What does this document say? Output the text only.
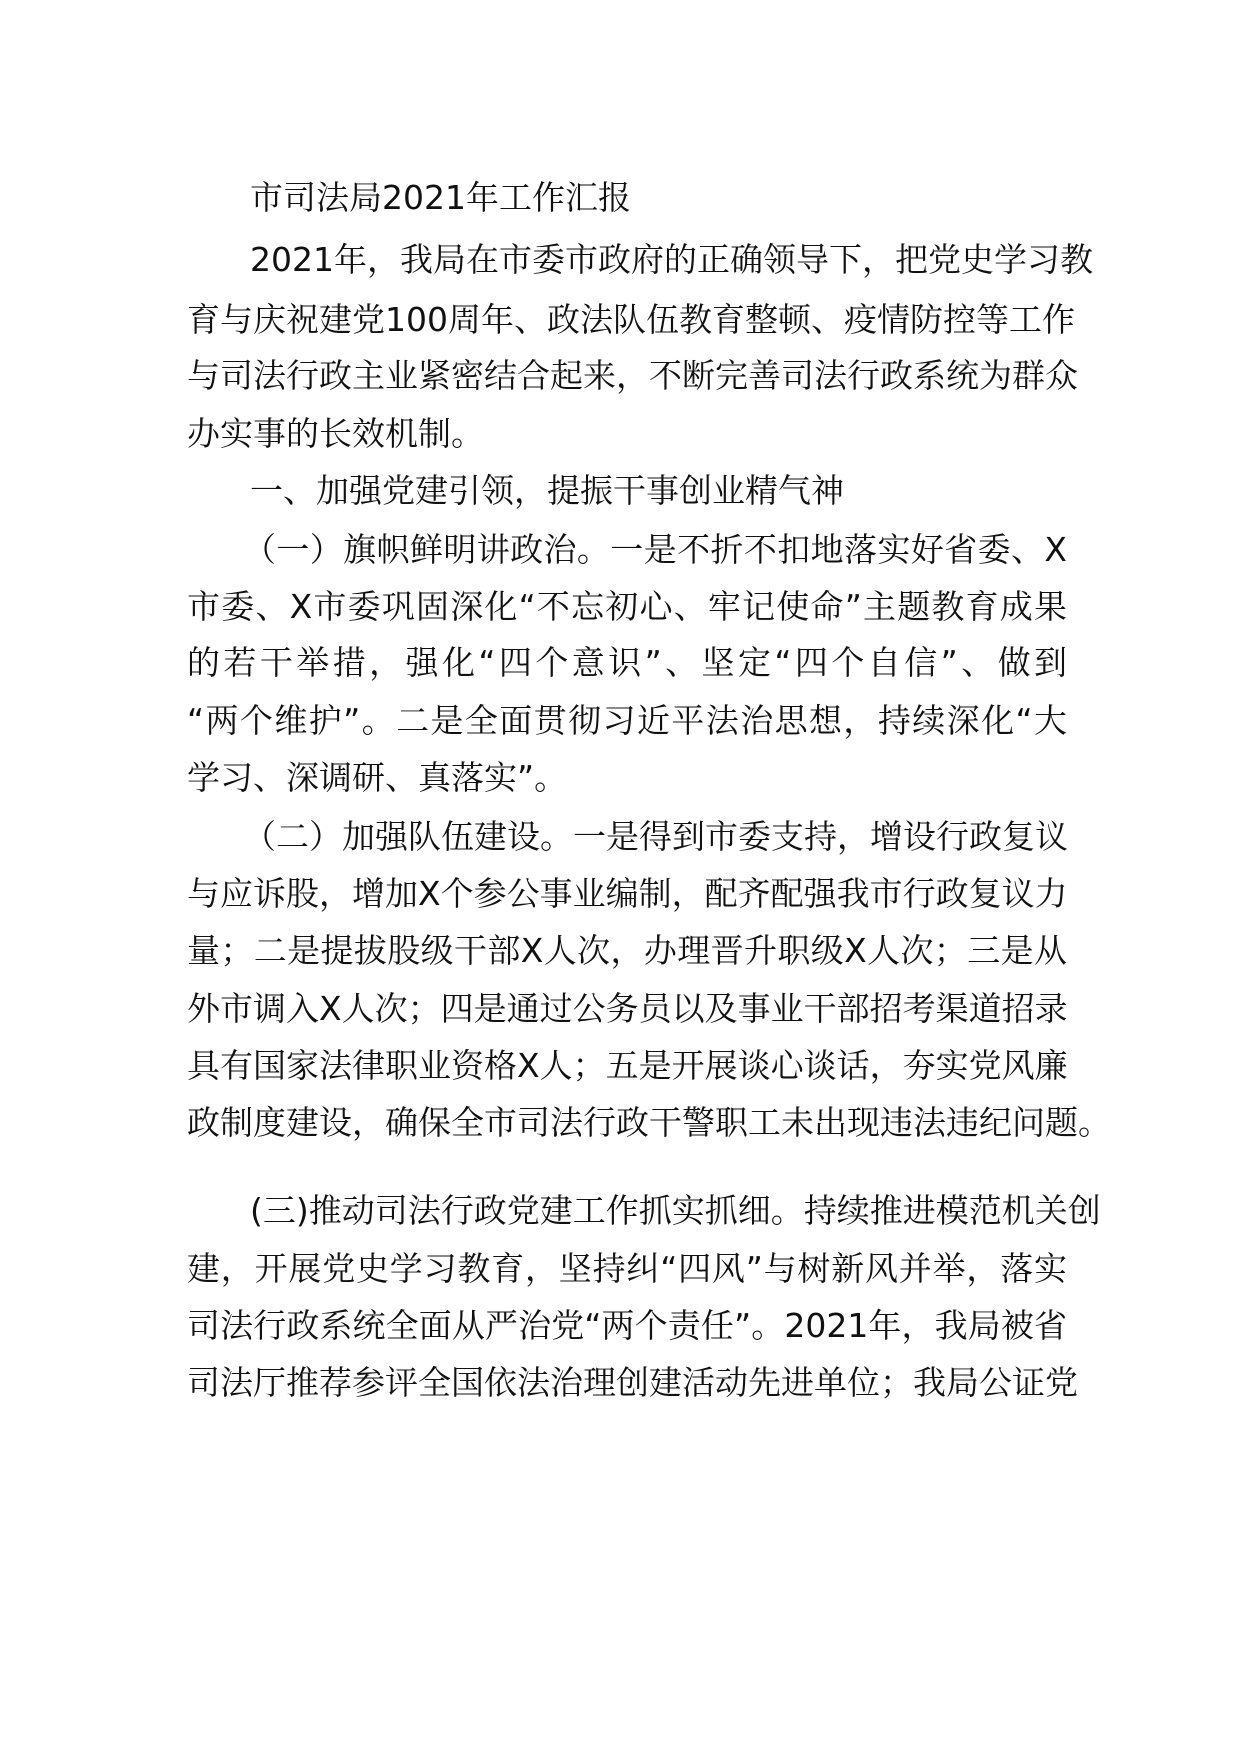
市司法局2021年工作汇报

2021年，我局在市委市政府的正确领导下，把党史学习教

育与庆祝建党100周年、政法队伍教育整顿、疫情防控等工作

与司法行政主业紧密结合起来，不断完善司法行政系统为群众

办实事的长效机制。

一、加强党建引领，提振干事创业精气神

（一）旗帜鲜明讲政治。一是不折不扣地落实好省委、X

市委、X市委巩固深化“不忘初心、牢记使命”主题教育成果

的若干举措，强化“四个意识”、坚定“四个自信”、做到

“两个维护”。二是全面贯彻习近平法治思想，持续深化“大

学习、深调研、真落实”。

（二）加强队伍建设。一是得到市委支持，增设行政复议

与应诉股，增加X个参公事业编制，配齐配强我市行政复议力

量；二是提拔股级干部X人次，办理晋升职级X人次；三是从

外市调入X人次；四是通过公务员以及事业干部招考渠道招录

具有国家法律职业资格X人；五是开展谈心谈话，夯实党风廉

政制度建设，确保全市司法行政干警职工未出现违法违纪问题。

(三)推动司法行政党建工作抓实抓细。持续推进模范机关创

建，开展党史学习教育，坚持纠“四风”与树新风并举，落实

司法行政系统全面从严治党“两个责任”。2021年，我局被省

司法厅推荐参评全国依法治理创建活动先进单位；我局公证党
